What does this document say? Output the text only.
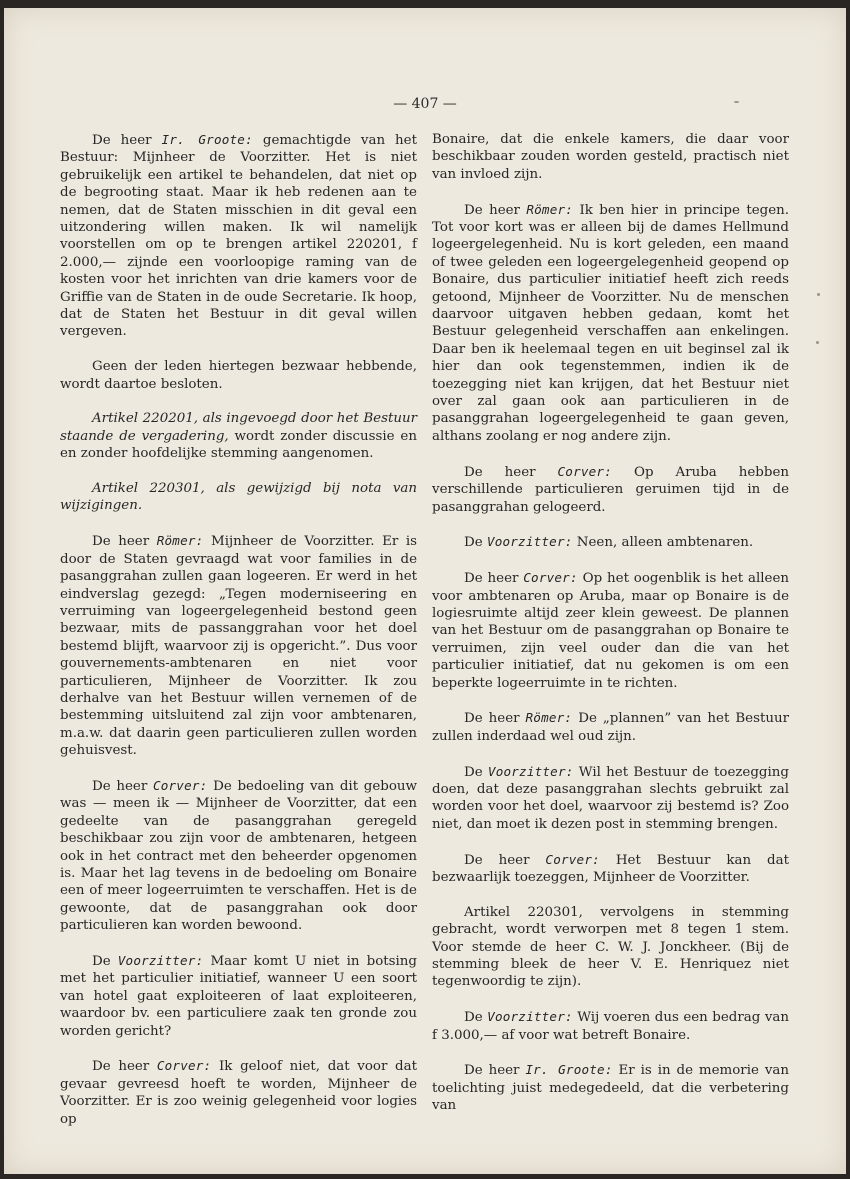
— 407 —

De heer Ir. Groote: gemachtigde van het Bestuur: Mijnheer de Voorzitter. Het is niet gebruikelijk een artikel te behandelen, dat niet op de begrooting staat. Maar ik heb redenen aan te nemen, dat de Staten misschien in dit geval een uitzondering willen maken. Ik wil namelijk voorstellen om op te brengen artikel 220201, f 2.000,— zijnde een voorloopige raming van de kosten voor het inrichten van drie kamers voor de Griffie van de Staten in de oude Secretarie. Ik hoop, dat de Staten het Bestuur in dit geval willen vergeven.

Geen der leden hiertegen bezwaar hebbende, wordt daartoe besloten.

Artikel 220201, als ingevoegd door het Bestuur staande de vergadering, wordt zonder discussie en en zonder hoofdelijke stemming aangenomen.

Artikel 220301, als gewijzigd bij nota van wijzigingen.

De heer Römer: Mijnheer de Voorzitter. Er is door de Staten gevraagd wat voor families in de pasanggrahan zullen gaan logeeren. Er werd in het eindverslag gezegd: „Tegen moderniseering en verruiming van logeergelegenheid bestond geen bezwaar, mits de passanggrahan voor het doel bestemd blijft, waarvoor zij is opgericht.”. Dus voor gouvernements-ambtenaren en niet voor particulieren, Mijnheer de Voorzitter. Ik zou derhalve van het Bestuur willen vernemen of de bestemming uitsluitend zal zijn voor ambtenaren, m.a.w. dat daarin geen particulieren zullen worden gehuisvest.

De heer Corver: De bedoeling van dit gebouw was — meen ik — Mijnheer de Voorzitter, dat een gedeelte van de pasanggrahan geregeld beschikbaar zou zijn voor de ambtenaren, hetgeen ook in het contract met den beheerder opgenomen is. Maar het lag tevens in de bedoeling om Bonaire een of meer logeerruimten te verschaffen. Het is de gewoonte, dat de pasanggrahan ook door particulieren kan worden bewoond.

De Voorzitter: Maar komt U niet in botsing met het particulier initiatief, wanneer U een soort van hotel gaat exploiteeren of laat exploiteeren, waardoor bv. een particuliere zaak ten gronde zou worden gericht?

De heer Corver: Ik geloof niet, dat voor dat gevaar gevreesd hoeft te worden, Mijnheer de Voorzitter. Er is zoo weinig gelegenheid voor logies op

Bonaire, dat die enkele kamers, die daar voor beschikbaar zouden worden gesteld, practisch niet van invloed zijn.

De heer Römer: Ik ben hier in principe tegen. Tot voor kort was er alleen bij de dames Hellmund logeergelegenheid. Nu is kort geleden, een maand of twee geleden een logeergelegenheid geopend op Bonaire, dus particulier initiatief heeft zich reeds getoond, Mijnheer de Voorzitter. Nu de menschen daarvoor uitgaven hebben gedaan, komt het Bestuur gelegenheid verschaffen aan enkelingen. Daar ben ik heelemaal tegen en uit beginsel zal ik hier dan ook tegenstemmen, indien ik de toezegging niet kan krijgen, dat het Bestuur niet over zal gaan ook aan particulieren in de pasanggrahan logeergelegenheid te gaan geven, althans zoolang er nog andere zijn.

De heer Corver: Op Aruba hebben verschillende particulieren geruimen tijd in de pasanggrahan gelogeerd.

De Voorzitter: Neen, alleen ambtenaren.

De heer Corver: Op het oogenblik is het alleen voor ambtenaren op Aruba, maar op Bonaire is de logiesruimte altijd zeer klein geweest. De plannen van het Bestuur om de pasanggrahan op Bonaire te verruimen, zijn veel ouder dan die van het particulier initiatief, dat nu gekomen is om een beperkte logeerruimte in te richten.

De heer Römer: De „plannen” van het Bestuur zullen inderdaad wel oud zijn.

De Voorzitter: Wil het Bestuur de toezegging doen, dat deze pasanggrahan slechts gebruikt zal worden voor het doel, waarvoor zij bestemd is? Zoo niet, dan moet ik dezen post in stemming brengen.

De heer Corver: Het Bestuur kan dat bezwaarlijk toezeggen, Mijnheer de Voorzitter.

Artikel 220301, vervolgens in stemming gebracht, wordt verworpen met 8 tegen 1 stem. Voor stemde de heer C. W. J. Jonckheer. (Bij de stemming bleek de heer V. E. Henriquez niet tegenwoordig te zijn).

De Voorzitter: Wij voeren dus een bedrag van f 3.000,— af voor wat betreft Bonaire.

De heer Ir. Groote: Er is in de memorie van toelichting juist medegedeeld, dat die verbetering van
